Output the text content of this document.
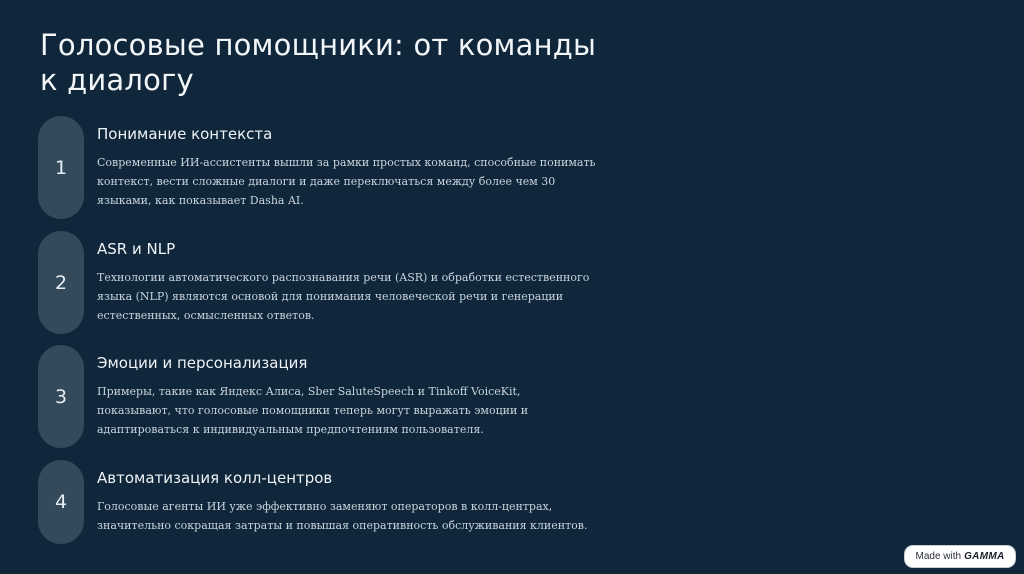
Голосовые помощники: от команды к диалогу
1
Понимание контекста

Современные ИИ-ассистенты вышли за рамки простых команд, способные понимать контекст, вести сложные диалоги и даже переключаться между более чем 30 языками, как показывает Dasha AI.

2
ASR и NLP

Технологии автоматического распознавания речи (ASR) и обработки естественного языка (NLP) являются основой для понимания человеческой речи и генерации естественных, осмысленных ответов.

3
Эмоции и персонализация

Примеры, такие как Яндекс Алиса, Sber SaluteSpeech и Tinkoff VoiceKit, показывают, что голосовые помощники теперь могут выражать эмоции и адаптироваться к индивидуальным предпочтениям пользователя.

4
Автоматизация колл-центров

Голосовые агенты ИИ уже эффективно заменяют операторов в колл-центрах, значительно сокращая затраты и повышая оперативность обслуживания клиентов.

Made with GAMMA
